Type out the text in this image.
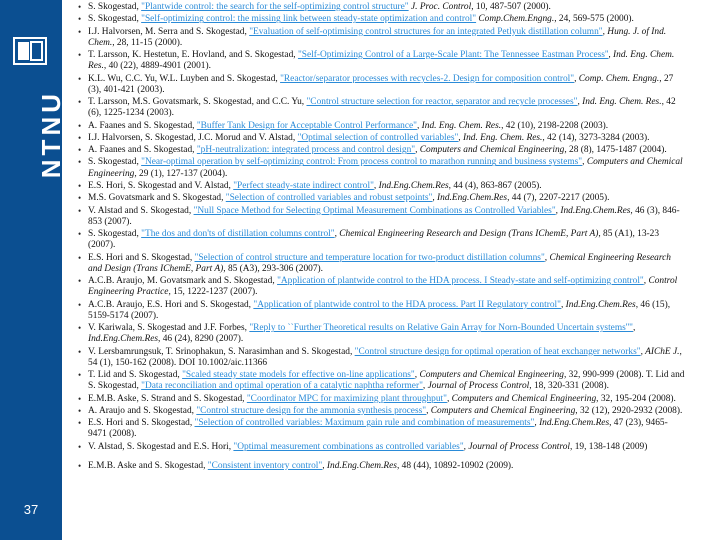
NTNU
37
• S. Skogestad, "Plantwide control: the search for the self-optimizing control structure" J. Proc. Control, 10, 487-507 (2000).
• S. Skogestad, "Self-optimizing control: the missing link between steady-state optimization and control" Comp.Chem.Engng., 24, 569-575 (2000).
• I.J. Halvorsen, M. Serra and S. Skogestad, "Evaluation of self-optimising control structures for an integrated Petlyuk distillation column", Hung. J. of Ind. Chem., 28, 11-15 (2000).
• T. Larsson, K. Hestetun, E. Hovland, and S. Skogestad, "Self-Optimizing Control of a Large-Scale Plant: The Tennessee Eastman Process'', Ind. Eng. Chem. Res., 40 (22), 4889-4901 (2001).
• K.L. Wu, C.C. Yu, W.L. Luyben and S. Skogestad, "Reactor/separator processes with recycles-2. Design for composition control", Comp. Chem. Engng., 27 (3), 401-421 (2003).
• T. Larsson, M.S. Govatsmark, S. Skogestad, and C.C. Yu, "Control structure selection for reactor, separator and recycle processes", Ind. Eng. Chem. Res., 42 (6), 1225-1234 (2003).
• A. Faanes and S. Skogestad, "Buffer Tank Design for Acceptable Control Performance", Ind. Eng. Chem. Res., 42 (10), 2198-2208 (2003).
• I.J. Halvorsen, S. Skogestad, J.C. Morud and V. Alstad, "Optimal selection of controlled variables", Ind. Eng. Chem. Res., 42 (14), 3273-3284 (2003).
• A. Faanes and S. Skogestad, "pH-neutralization: integrated process and control design", Computers and Chemical Engineering, 28 (8), 1475-1487 (2004).
• S. Skogestad, "Near-optimal operation by self-optimizing control: From process control to marathon running and business systems", Computers and Chemical Engineering, 29 (1), 127-137 (2004).
• E.S. Hori, S. Skogestad and V. Alstad, "Perfect steady-state indirect control", Ind.Eng.Chem.Res, 44 (4), 863-867 (2005).
• M.S. Govatsmark and S. Skogestad, "Selection of controlled variables and robust setpoints", Ind.Eng.Chem.Res, 44 (7), 2207-2217 (2005).
• V. Alstad and S. Skogestad, "Null Space Method for Selecting Optimal Measurement Combinations as Controlled Variables", Ind.Eng.Chem.Res, 46 (3), 846-853 (2007).
• S. Skogestad, "The dos and don'ts of distillation columns control", Chemical Engineering Research and Design (Trans IChemE, Part A), 85 (A1), 13-23 (2007).
• E.S. Hori and S. Skogestad, "Selection of control structure and temperature location for two-product distillation columns", Chemical Engineering Research and Design (Trans IChemE, Part A), 85 (A3), 293-306 (2007).
• A.C.B. Araujo, M. Govatsmark and S. Skogestad, "Application of plantwide control to the HDA process. I Steady-state and self-optimizing control", Control Engineering Practice, 15, 1222-1237 (2007).
• A.C.B. Araujo, E.S. Hori and S. Skogestad, "Application of plantwide control to the HDA process. Part II Regulatory control", Ind.Eng.Chem.Res, 46 (15), 5159-5174 (2007).
• V. Kariwala, S. Skogestad and J.F. Forbes, "Reply to ``Further Theoretical results on Relative Gain Array for Norn-Bounded Uncertain systems''", Ind.Eng.Chem.Res, 46 (24), 8290 (2007).
• V. Lersbamrungsuk, T. Srinophakun, S. Narasimhan and S. Skogestad, "Control structure design for optimal operation of heat exchanger networks", AIChE J., 54 (1), 150-162 (2008). DOI 10.1002/aic.11366
• T. Lid and S. Skogestad, "Scaled steady state models for effective on-line applications", Computers and Chemical Engineering, 32, 990-999 (2008). T. Lid and S. Skogestad, "Data reconciliation and optimal operation of a catalytic naphtha reformer", Journal of Process Control, 18, 320-331 (2008).
• E.M.B. Aske, S. Strand and S. Skogestad, "Coordinator MPC for maximizing plant throughput", Computers and Chemical Engineering, 32, 195-204 (2008).
• A. Araujo and S. Skogestad, "Control structure design for the ammonia synthesis process", Computers and Chemical Engineering, 32 (12), 2920-2932 (2008).
• E.S. Hori and S. Skogestad, "Selection of controlled variables: Maximum gain rule and combination of measurements", Ind.Eng.Chem.Res, 47 (23), 9465-9471 (2008).
• V. Alstad, S. Skogestad and E.S. Hori, "Optimal measurement combinations as controlled variables", Journal of Process Control, 19, 138-148 (2009)
• E.M.B. Aske and S. Skogestad, "Consistent inventory control", Ind.Eng.Chem.Res, 48 (44), 10892-10902 (2009).
